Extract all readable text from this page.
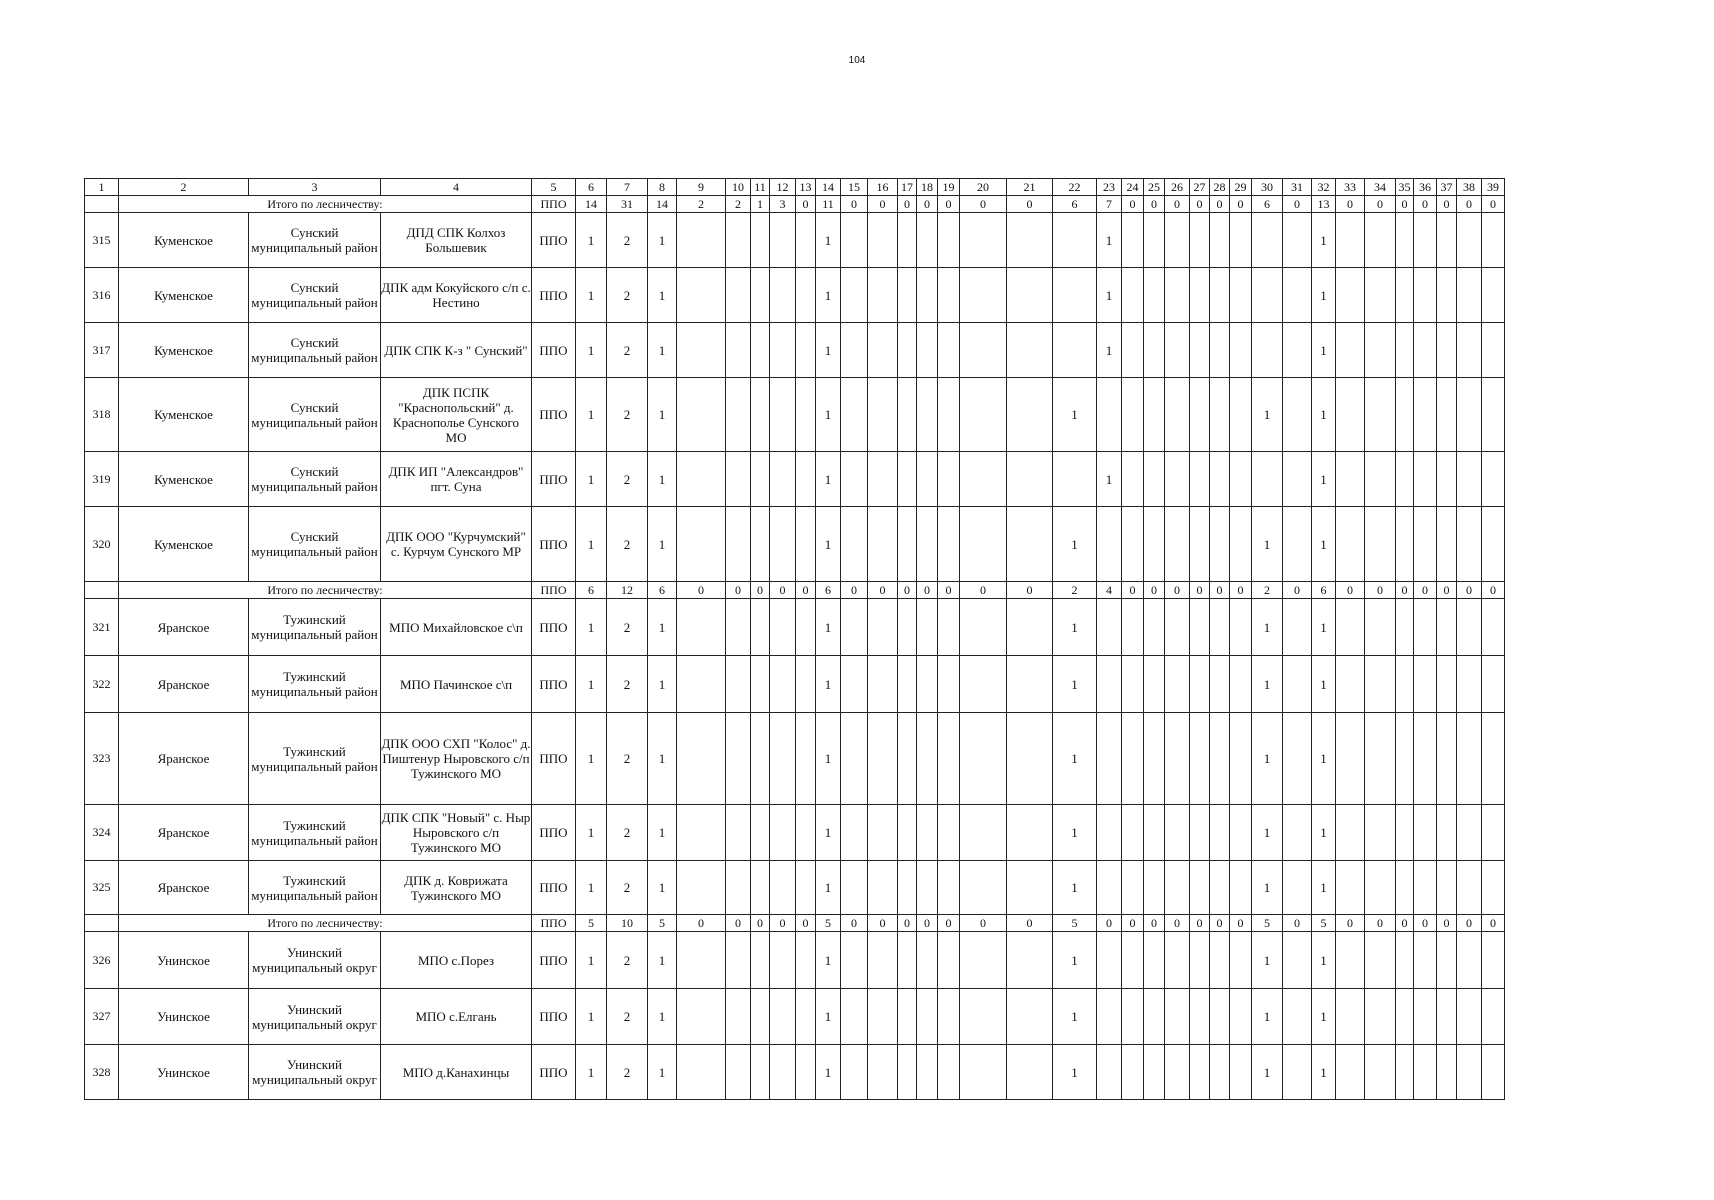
104
1	2	3	4	5	6	7	8	9	10	11	12	13	14	15	16	17	18	19	20	21	22	23	24	25	26	27	28	29	30	31	32	33	34	35	36	37	38	39
	Итого по лесничеству:			ППО	14	31	14	2	2	1	3	0	11	0	0	0	0	0	0	0	6	7	0	0	0	0	0	0	6	0	13	0	0	0	0	0	0	0
315	Куменское	Сунский муниципальный район	ДПД СПК Колхоз Большевик	ППО	1	2	1						1									1									1							
316	Куменское	Сунский муниципальный район	ДПК адм Кокуйского с/п с. Нестино	ППО	1	2	1						1									1									1							
317	Куменское	Сунский муниципальный район	ДПК СПК К-з " Сунский"	ППО	1	2	1						1									1									1							
318	Куменское	Сунский муниципальный район	ДПК ПСПК "Краснопольский" д. Краснополье Сунского МО	ППО	1	2	1						1								1								1		1							
319	Куменское	Сунский муниципальный район	ДПК ИП "Александров" пгт. Суна	ППО	1	2	1						1									1									1							
320	Куменское	Сунский муниципальный район	ДПК ООО "Курчумский" с. Курчум Сунского МР	ППО	1	2	1						1								1								1		1							
	Итого по лесничеству:			ППО	6	12	6	0	0	0	0	0	6	0	0	0	0	0	0	0	2	4	0	0	0	0	0	0	2	0	6	0	0	0	0	0	0	0
321	Яранское	Тужинский муниципальный район	МПО Михайловское с\п	ППО	1	2	1						1								1								1		1							
322	Яранское	Тужинский муниципальный район	МПО Пачинское с\п	ППО	1	2	1						1								1								1		1							
323	Яранское	Тужинский муниципальный район	ДПК ООО СХП "Колос" д. Пиштенур Ныровского с/п Тужинского МО	ППО	1	2	1						1								1								1		1							
324	Яранское	Тужинский муниципальный район	ДПК СПК "Новый" с. Ныр Ныровского с/п Тужинского МО	ППО	1	2	1						1								1								1		1							
325	Яранское	Тужинский муниципальный район	ДПК д. Коврижата Тужинского МО	ППО	1	2	1						1								1								1		1							
	Итого по лесничеству:			ППО	5	10	5	0	0	0	0	0	5	0	0	0	0	0	0	0	5	0	0	0	0	0	0	0	5	0	5	0	0	0	0	0	0	0
326	Унинское	Унинский муниципальный округ	МПО с.Порез	ППО	1	2	1						1								1								1		1							
327	Унинское	Унинский муниципальный округ	МПО с.Елгань	ППО	1	2	1						1								1								1		1							
328	Унинское	Унинский муниципальный округ	МПО д.Канахинцы	ППО	1	2	1						1								1								1		1							
